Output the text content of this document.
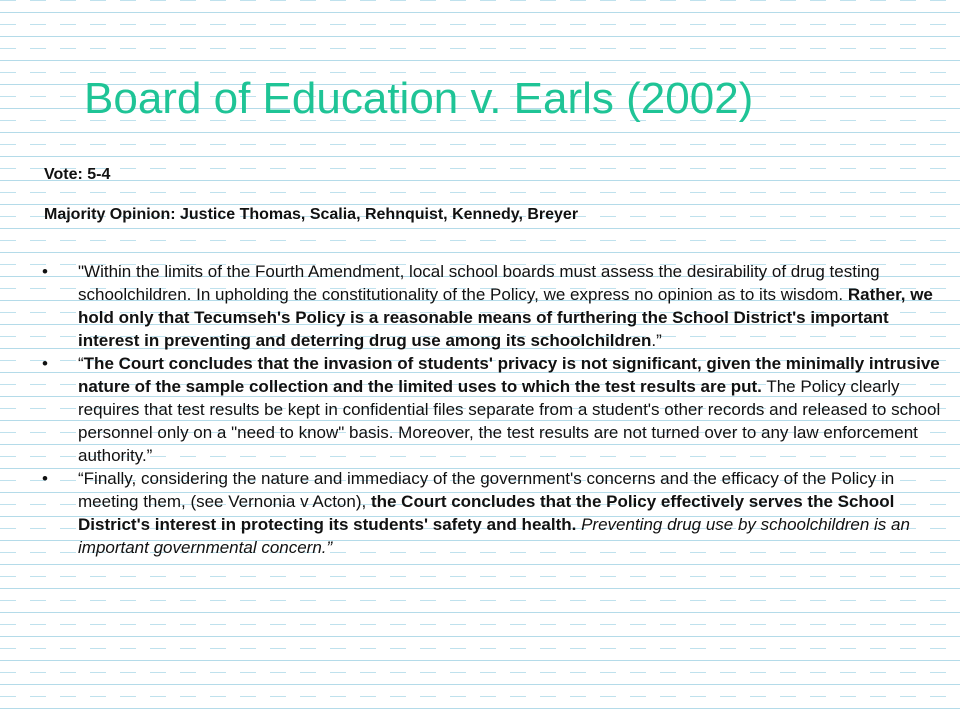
Board of Education v. Earls (2002)

Vote: 5-4

Majority Opinion: Justice Thomas, Scalia, Rehnquist, Kennedy, Breyer

• "Within the limits of the Fourth Amendment, local school boards must assess the desirability of drug testing schoolchildren. In upholding the constitutionality of the Policy, we express no opinion as to its wisdom. Rather, we hold only that Tecumseh's Policy is a reasonable means of furthering the School District's important interest in preventing and deterring drug use among its schoolchildren.”
• “The Court concludes that the invasion of students' privacy is not significant, given the minimally intrusive nature of the sample collection and the limited uses to which the test results are put. The Policy clearly requires that test results be kept in confidential files separate from a student's other records and released to school personnel only on a "need to know" basis. Moreover, the test results are not turned over to any law enforcement authority.”
• “Finally, considering the nature and immediacy of the government's concerns and the efficacy of the Policy in meeting them, (see Vernonia v Acton), the Court concludes that the Policy effectively serves the School District's interest in protecting its students' safety and health. Preventing drug use by schoolchildren is an important governmental concern.”
